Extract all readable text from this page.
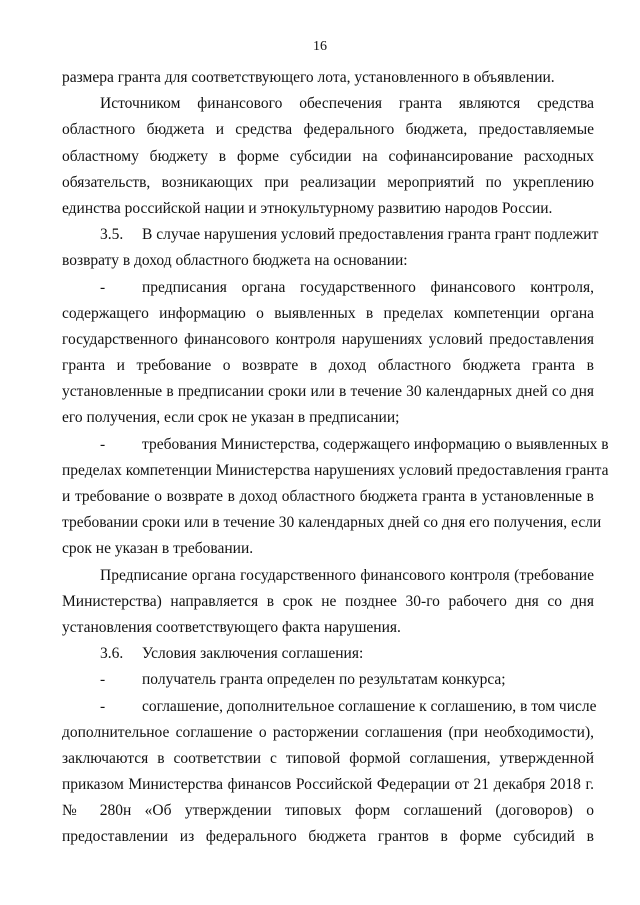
16
размера гранта для соответствующего лота, установленного в объявлении.
Источником финансового обеспечения гранта являются средства
областного бюджета и средства федерального бюджета, предоставляемые
областному бюджету в форме субсидии на софинансирование расходных
обязательств, возникающих при реализации мероприятий по укреплению
единства российской нации и этнокультурному развитию народов России.
3.5.	В случае нарушения условий предоставления гранта грант подлежит
возврату в доход областного бюджета на основании:
-	предписания органа государственного финансового контроля,
содержащего информацию о выявленных в пределах компетенции органа
государственного финансового контроля нарушениях условий предоставления
гранта и требование о возврате в доход областного бюджета гранта в
установленные в предписании сроки или в течение 30 календарных дней со дня
его получения, если срок не указан в предписании;
-	требования Министерства, содержащего информацию о выявленных в
пределах компетенции Министерства нарушениях условий предоставления гранта
и требование о возврате в доход областного бюджета гранта в установленные в
требовании сроки или в течение 30 календарных дней со дня его получения, если
срок не указан в требовании.
Предписание органа государственного финансового контроля (требование
Министерства) направляется в срок не позднее 30-го рабочего дня со дня
установления соответствующего факта нарушения.
3.6.	Условия заключения соглашения:
-	получатель гранта определен по результатам конкурса;
-	соглашение, дополнительное соглашение к соглашению, в том числе
дополнительное соглашение о расторжении соглашения (при необходимости),
заключаются в соответствии с типовой формой соглашения, утвержденной
приказом Министерства финансов Российской Федерации от 21 декабря 2018 г.
№ 280н «Об утверждении типовых форм соглашений (договоров) о
предоставлении из федерального бюджета грантов в форме субсидий в
